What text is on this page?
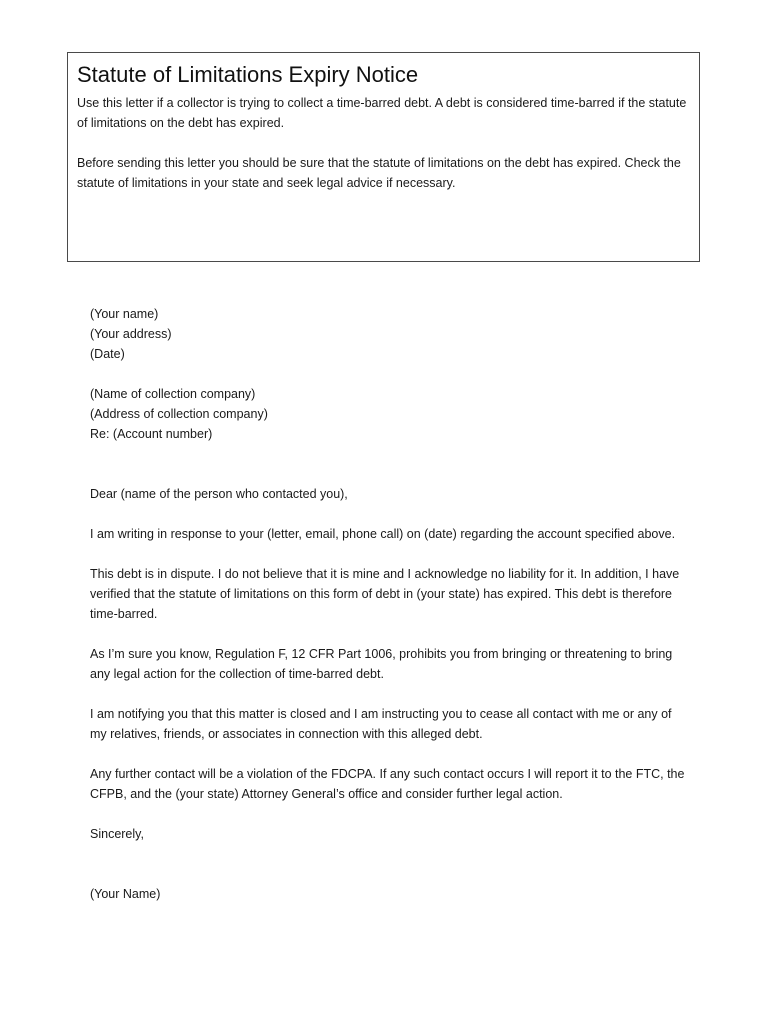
Statute of Limitations Expiry Notice

Use this letter if a collector is trying to collect a time-barred debt. A debt is considered time-barred if the statute of limitations on the debt has expired.

Before sending this letter you should be sure that the statute of limitations on the debt has expired. Check the statute of limitations in your state and seek legal advice if necessary.

(Your name)
(Your address)
(Date)
(Name of collection company)
(Address of collection company)
Re: (Account number)

Dear (name of the person who contacted you),

I am writing in response to your (letter, email, phone call) on (date) regarding the account specified above.

This debt is in dispute. I do not believe that it is mine and I acknowledge no liability for it. In addition, I have verified that the statute of limitations on this form of debt in (your state) has expired. This debt is therefore time-barred.

As I’m sure you know, Regulation F, 12 CFR Part 1006, prohibits you from bringing or threatening to bring any legal action for the collection of time-barred debt.

I am notifying you that this matter is closed and I am instructing you to cease all contact with me or any of my relatives, friends, or associates in connection with this alleged debt.

Any further contact will be a violation of the FDCPA. If any such contact occurs I will report it to the FTC, the CFPB, and the (your state) Attorney General’s office and consider further legal action.

Sincerely,

(Your Name)
